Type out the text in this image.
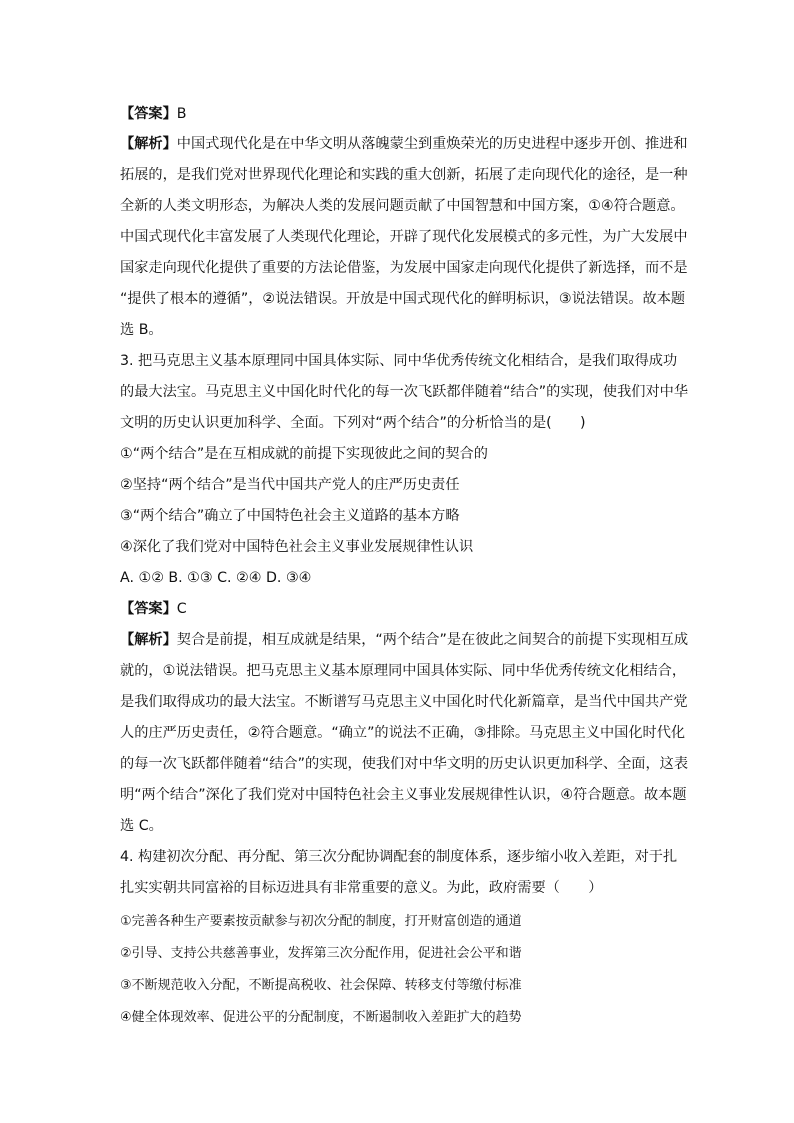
【答案】B
【解析】中国式现代化是在中华文明从落魄蒙尘到重焕荣光的历史进程中逐步开创、推进和
拓展的，是我们党对世界现代化理论和实践的重大创新，拓展了走向现代化的途径，是一种
全新的人类文明形态，为解决人类的发展问题贡献了中国智慧和中国方案，①④符合题意。
中国式现代化丰富发展了人类现代化理论，开辟了现代化发展模式的多元性，为广大发展中
国家走向现代化提供了重要的方法论借鉴，为发展中国家走向现代化提供了新选择，而不是
“提供了根本的遵循”，②说法错误。开放是中国式现代化的鲜明标识，③说法错误。故本题
选 B。
3. 把马克思主义基本原理同中国具体实际、同中华优秀传统文化相结合，是我们取得成功
的最大法宝。马克思主义中国化时代化的每一次飞跃都伴随着“结合”的实现，使我们对中华
文明的历史认识更加科学、全面。下列对“两个结合”的分析恰当的是(　　)
①“两个结合”是在互相成就的前提下实现彼此之间的契合的
②坚持“两个结合”是当代中国共产党人的庄严历史责任
③“两个结合”确立了中国特色社会主义道路的基本方略
④深化了我们党对中国特色社会主义事业发展规律性认识
A. ①② B. ①③ C. ②④ D. ③④
【答案】C
【解析】契合是前提，相互成就是结果，“两个结合”是在彼此之间契合的前提下实现相互成
就的，①说法错误。把马克思主义基本原理同中国具体实际、同中华优秀传统文化相结合，
是我们取得成功的最大法宝。不断谱写马克思主义中国化时代化新篇章，是当代中国共产党
人的庄严历史责任，②符合题意。“确立”的说法不正确，③排除。马克思主义中国化时代化
的每一次飞跃都伴随着“结合”的实现，使我们对中华文明的历史认识更加科学、全面，这表
明“两个结合”深化了我们党对中国特色社会主义事业发展规律性认识，④符合题意。故本题
选 C。
4. 构建初次分配、再分配、第三次分配协调配套的制度体系，逐步缩小收入差距，对于扎
扎实实朝共同富裕的目标迈进具有非常重要的意义。为此，政府需要（　　）
①完善各种生产要素按贡献参与初次分配的制度，打开财富创造的通道
②引导、支持公共慈善事业，发挥第三次分配作用，促进社会公平和谐
③不断规范收入分配，不断提高税收、社会保障、转移支付等缴付标准
④健全体现效率、促进公平的分配制度，不断遏制收入差距扩大的趋势
